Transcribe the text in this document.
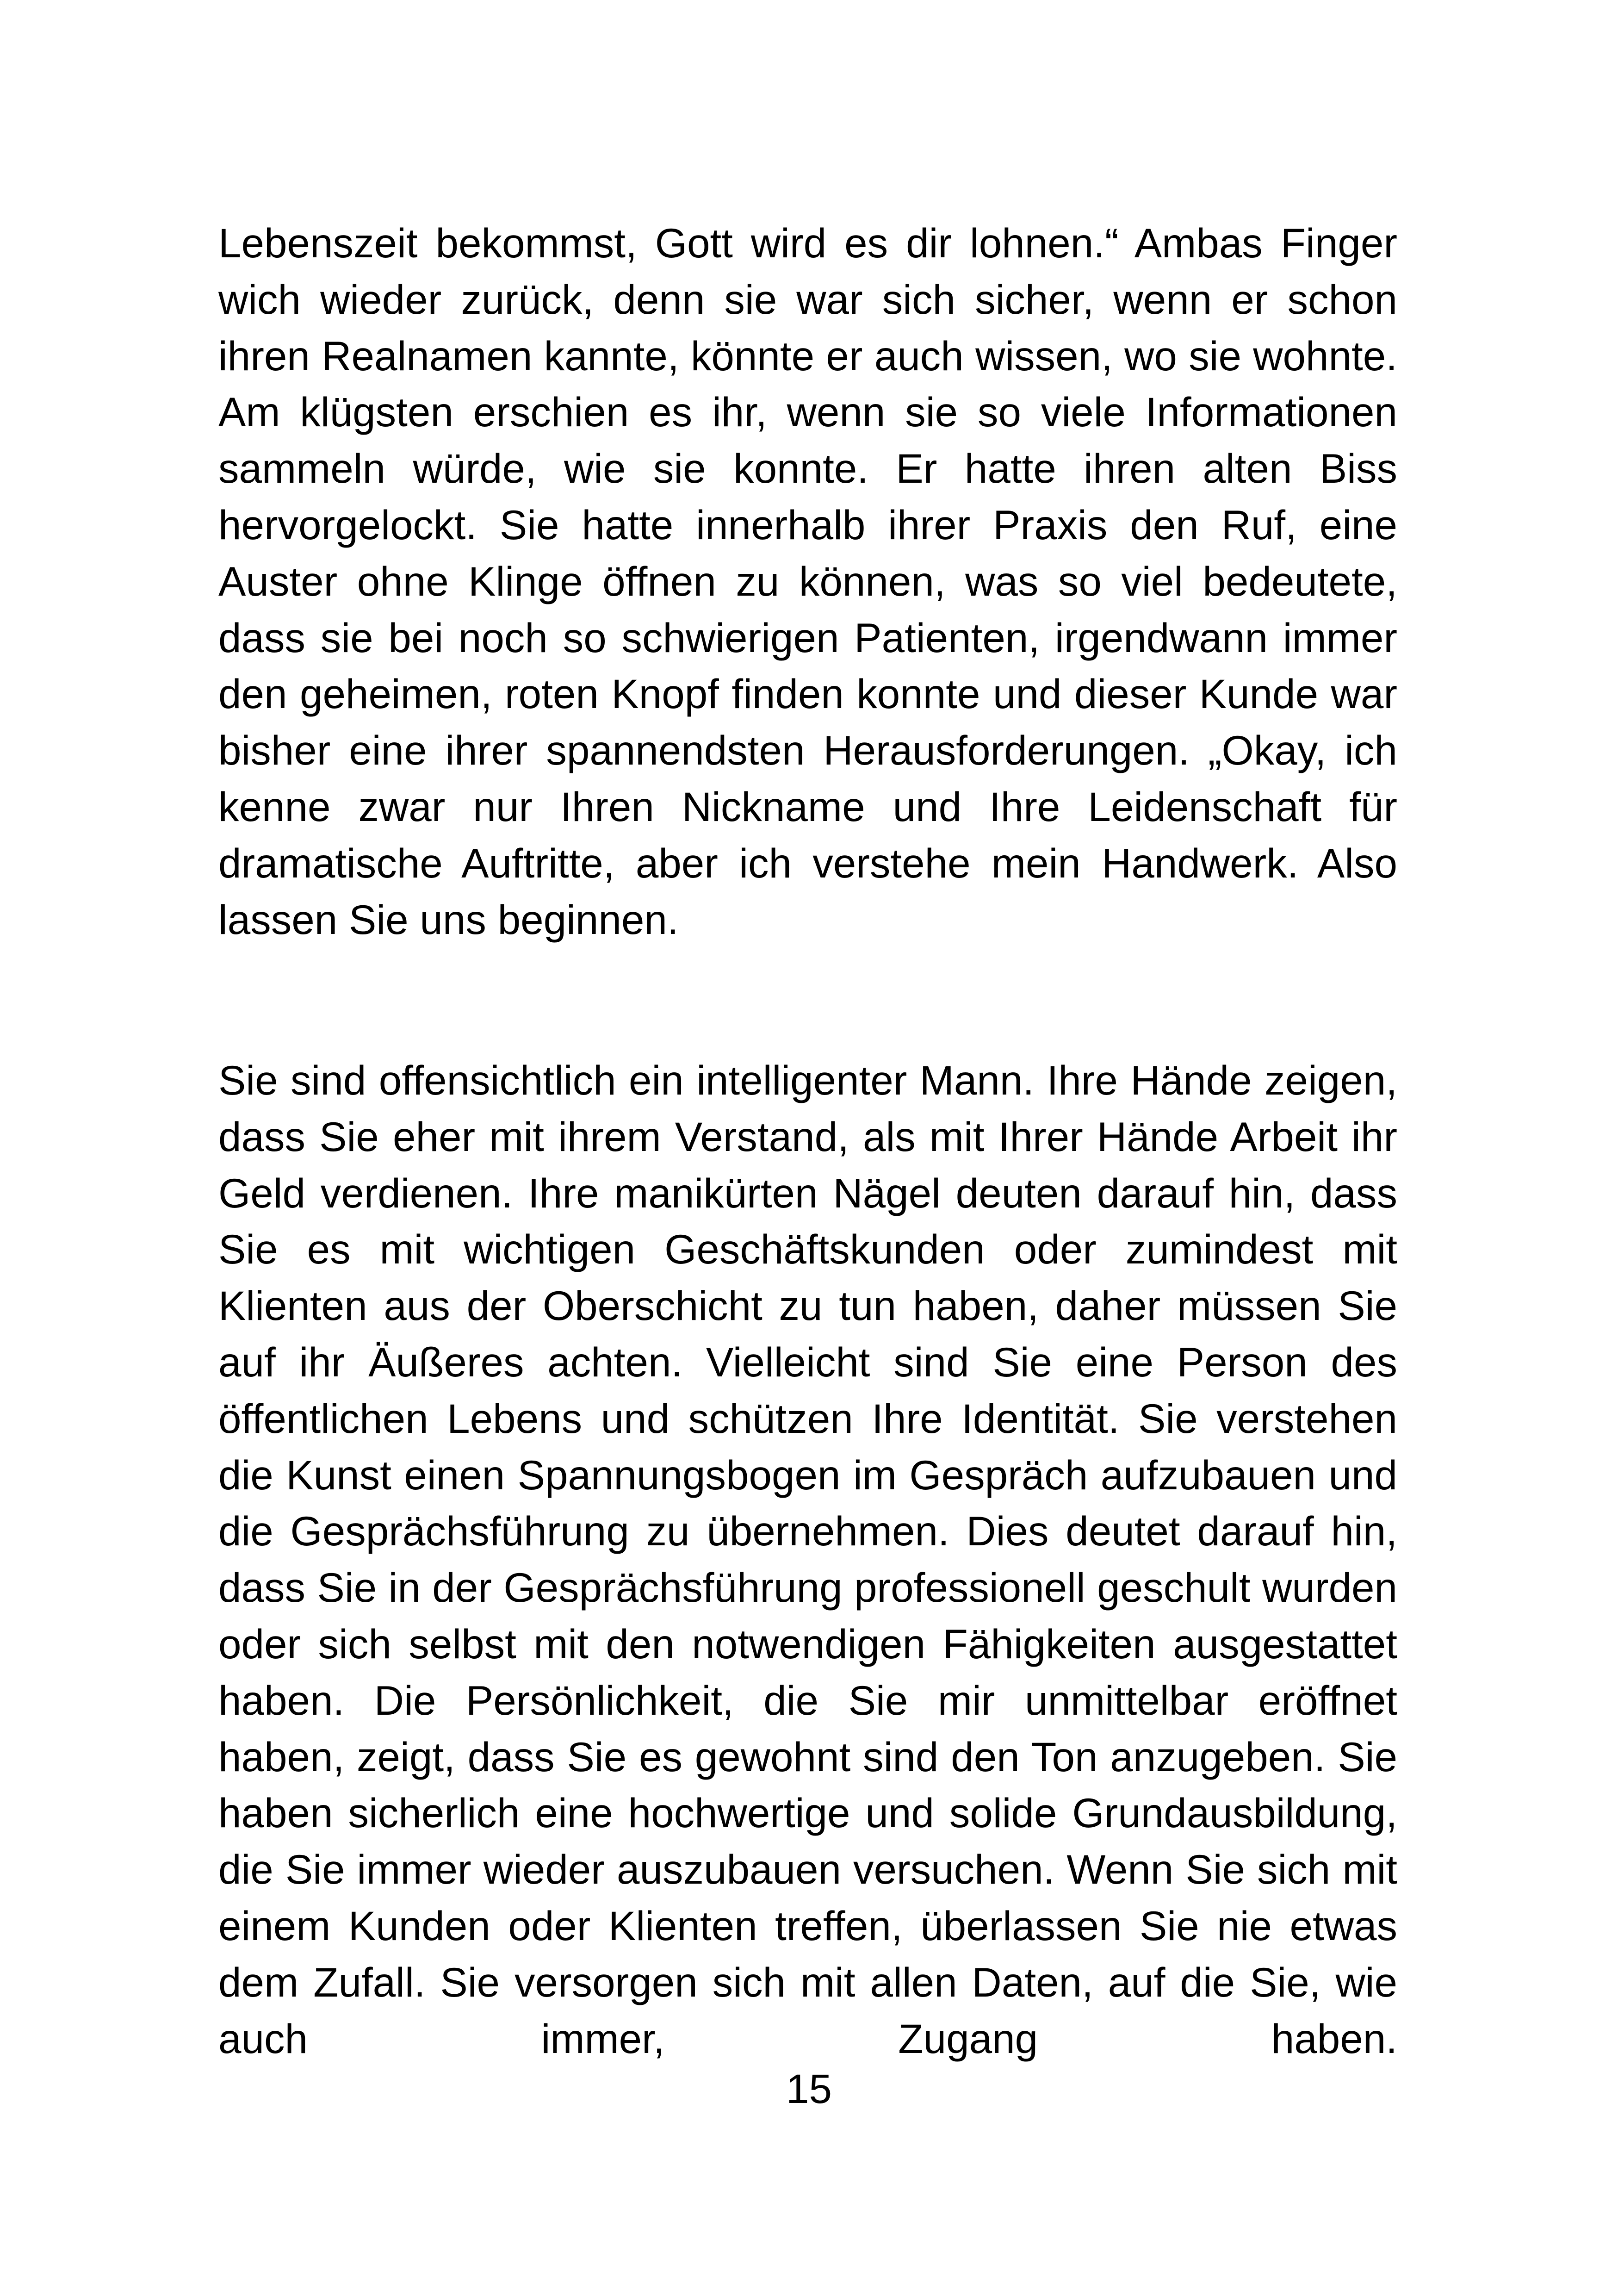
Lebenszeit bekommst, Gott wird es dir lohnen.“ Ambas Finger wich wieder zurück, denn sie war sich sicher, wenn er schon ihren Realnamen kannte, könnte er auch wissen, wo sie wohnte. Am klügsten erschien es ihr, wenn sie so viele Informationen sammeln würde, wie sie konnte. Er hatte ihren alten Biss hervorgelockt. Sie hatte innerhalb ihrer Praxis den Ruf, eine Auster ohne Klinge öffnen zu können, was so viel bedeutete, dass sie bei noch so schwierigen Patienten, irgendwann immer den geheimen, roten Knopf finden konnte und dieser Kunde war bisher eine ihrer spannendsten Herausforderungen. „Okay, ich kenne zwar nur Ihren Nickname und Ihre Leidenschaft für dramatische Auftritte, aber ich verstehe mein Handwerk. Also lassen Sie uns beginnen.

Sie sind offensichtlich ein intelligenter Mann. Ihre Hände zeigen, dass Sie eher mit ihrem Verstand, als mit Ihrer Hände Arbeit ihr Geld verdienen. Ihre manikürten Nägel deuten darauf hin, dass Sie es mit wichtigen Geschäftskunden oder zumindest mit Klienten aus der Oberschicht zu tun haben, daher müssen Sie auf ihr Äußeres achten. Vielleicht sind Sie eine Person des öffentlichen Lebens und schützen Ihre Identität. Sie verstehen die Kunst einen Spannungsbogen im Gespräch aufzubauen und die Gesprächsführung zu übernehmen. Dies deutet darauf hin, dass Sie in der Gesprächsführung professionell geschult wurden oder sich selbst mit den notwendigen Fähigkeiten ausgestattet haben. Die Persönlichkeit, die Sie mir unmittelbar eröffnet haben, zeigt, dass Sie es gewohnt sind den Ton anzugeben. Sie haben sicherlich eine hochwertige und solide Grundausbildung, die Sie immer wieder auszubauen versuchen. Wenn Sie sich mit einem Kunden oder Klienten treffen, überlassen Sie nie etwas dem Zufall. Sie versorgen sich mit allen Daten, auf die Sie, wie auch immer, Zugang haben.

15
